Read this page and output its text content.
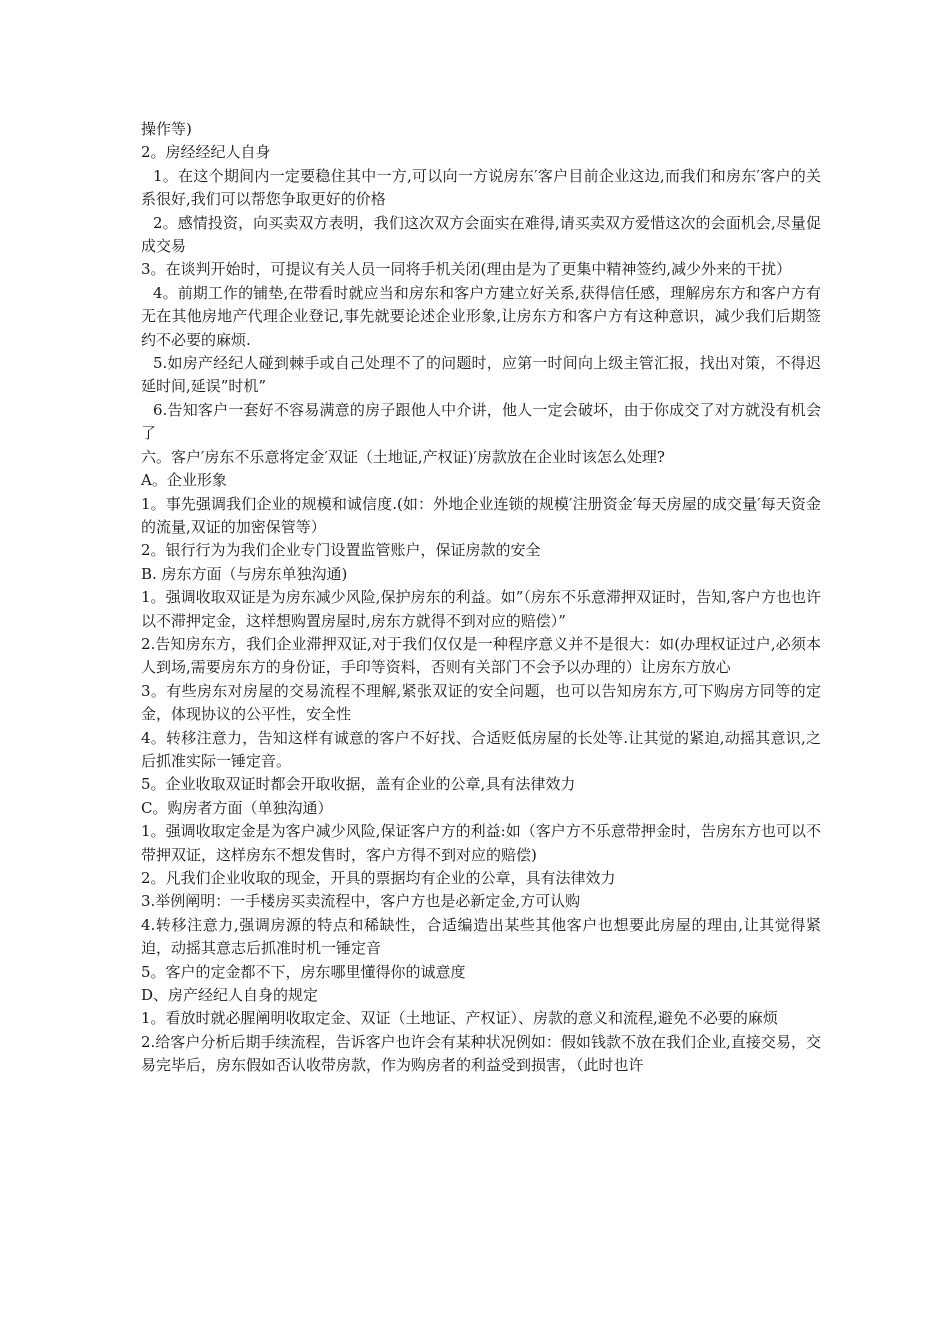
操作等)

2。房经经纪人自身

1。在这个期间内一定要稳住其中一方,可以向一方说房东′客户目前企业这边,而我们和房东′客户的关系很好,我们可以帮您争取更好的价格

2。感情投资，向买卖双方表明，我们这次双方会面实在难得,请买卖双方爱惜这次的会面机会,尽量促成交易

3。在谈判开始时，可提议有关人员一同将手机关闭(理由是为了更集中精神签约,减少外来的干扰）

4。前期工作的铺垫,在带看时就应当和房东和客户方建立好关系,获得信任感，理解房东方和客户方有无在其他房地产代理企业登记,事先就要论述企业形象,让房东方和客户方有这种意识，减少我们后期签约不必要的麻烦.

5.如房产经纪人碰到棘手或自己处理不了的问题时，应第一时间向上级主管汇报，找出对策，不得迟延时间,延误”时机”

6.告知客户一套好不容易满意的房子跟他人中介讲，他人一定会破坏，由于你成交了对方就没有机会了

六。客户′房东不乐意将定金′双证（土地证,产权证)′房款放在企业时该怎么处理?

A。企业形象

1。事先强调我们企业的规模和诚信度.(如：外地企业连锁的规模′注册资金′每天房屋的成交量′每天资金的流量,双证的加密保管等）

2。银行行为为我们企业专门设置监管账户，保证房款的安全

B. 房东方面（与房东单独沟通)

1。强调收取双证是为房东减少风险,保护房东的利益。如”（房东不乐意滞押双证时，告知,客户方也也许以不滞押定金，这样想购置房屋时,房东方就得不到对应的赔偿）”

2.告知房东方，我们企业滞押双证,对于我们仅仅是一种程序意义并不是很大：如(办理权证过户,必须本人到场,需要房东方的身份证，手印等资料，否则有关部门不会予以办理的）让房东方放心

3。有些房东对房屋的交易流程不理解,紧张双证的安全问题，也可以告知房东方,可下购房方同等的定金，体现协议的公平性，安全性

4。转移注意力，告知这样有诚意的客户不好找、合适贬低房屋的长处等.让其觉的紧迫,动摇其意识,之后抓准实际一锤定音。

5。企业收取双证时都会开取收据，盖有企业的公章,具有法律效力

C。购房者方面（单独沟通）

1。强调收取定金是为客户减少风险,保证客户方的利益:如（客户方不乐意带押金时，告房东方也可以不带押双证，这样房东不想发售时，客户方得不到对应的赔偿)

2。凡我们企业收取的现金，开具的票据均有企业的公章，具有法律效力

3.举例阐明：一手楼房买卖流程中，客户方也是必新定金,方可认购

4.转移注意力,强调房源的特点和稀缺性，合适编造出某些其他客户也想要此房屋的理由,让其觉得紧迫，动摇其意志后抓准时机一锤定音

5。客户的定金都不下，房东哪里懂得你的诚意度

D、房产经纪人自身的规定

1。看放时就必腥阐明收取定金、双证（土地证、产权证）、房款的意义和流程,避免不必要的麻烦

2.给客户分析后期手续流程，告诉客户也许会有某种状况例如：假如钱款不放在我们企业,直接交易，交易完毕后，房东假如否认收带房款，作为购房者的利益受到损害，（此时也许
